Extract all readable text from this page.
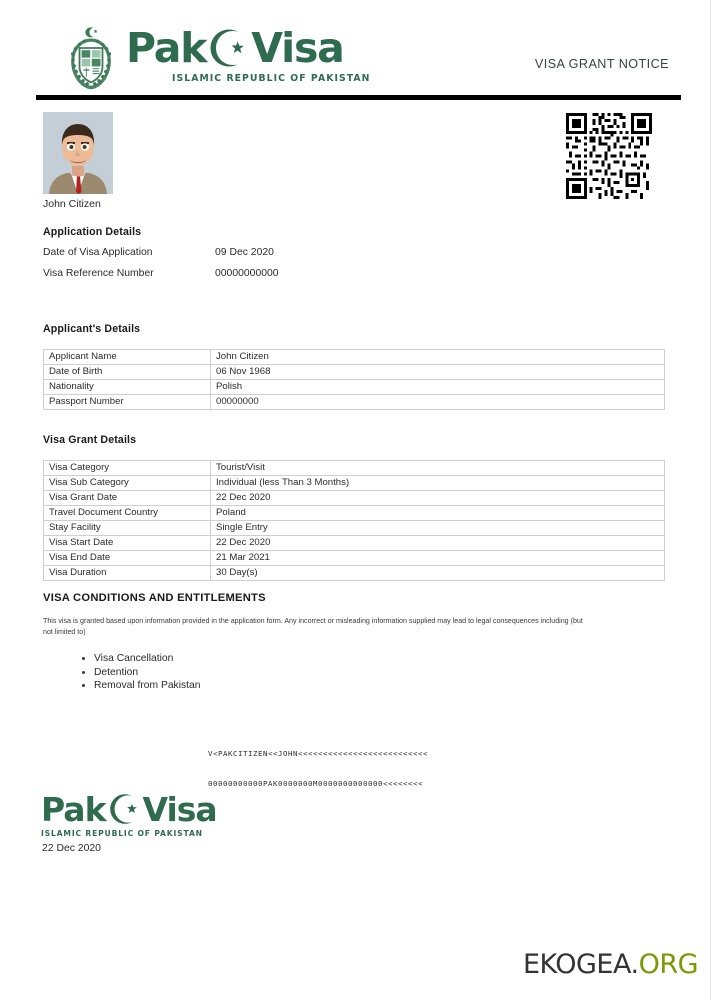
Pak Visa
ISLAMIC REPUBLIC OF PAKISTAN
VISA GRANT NOTICE
John Citizen
Application Details
Date of Visa Application	09 Dec 2020
Visa Reference Number	00000000000
Applicant's Details
Applicant Name	John Citizen
Date of Birth	06 Nov 1968
Nationality	Polish
Passport Number	00000000
Visa Grant Details
Visa Category	Tourist/Visit
Visa Sub Category	Individual (less Than 3 Months)
Visa Grant Date	22 Dec 2020
Travel Document Country	Poland
Stay Facility	Single Entry
Visa Start Date	22 Dec 2020
Visa End Date	21 Mar 2021
Visa Duration	30 Day(s)
VISA CONDITIONS AND ENTITLEMENTS
This visa is granted based upon information provided in the application form. Any incorrect or misleading information supplied may lead to legal consequences including (but not limited to)
Visa Cancellation
Detention
Removal from Pakistan

V<PAKCITIZEN<<JOHN<<<<<<<<<<<<<<<<<<<<<<<<<<

00000000000PAK0000000M0000000000000<<<<<<<<

Pak Visa
ISLAMIC REPUBLIC OF PAKISTAN
22 Dec 2020
EKOGEA.ORG
